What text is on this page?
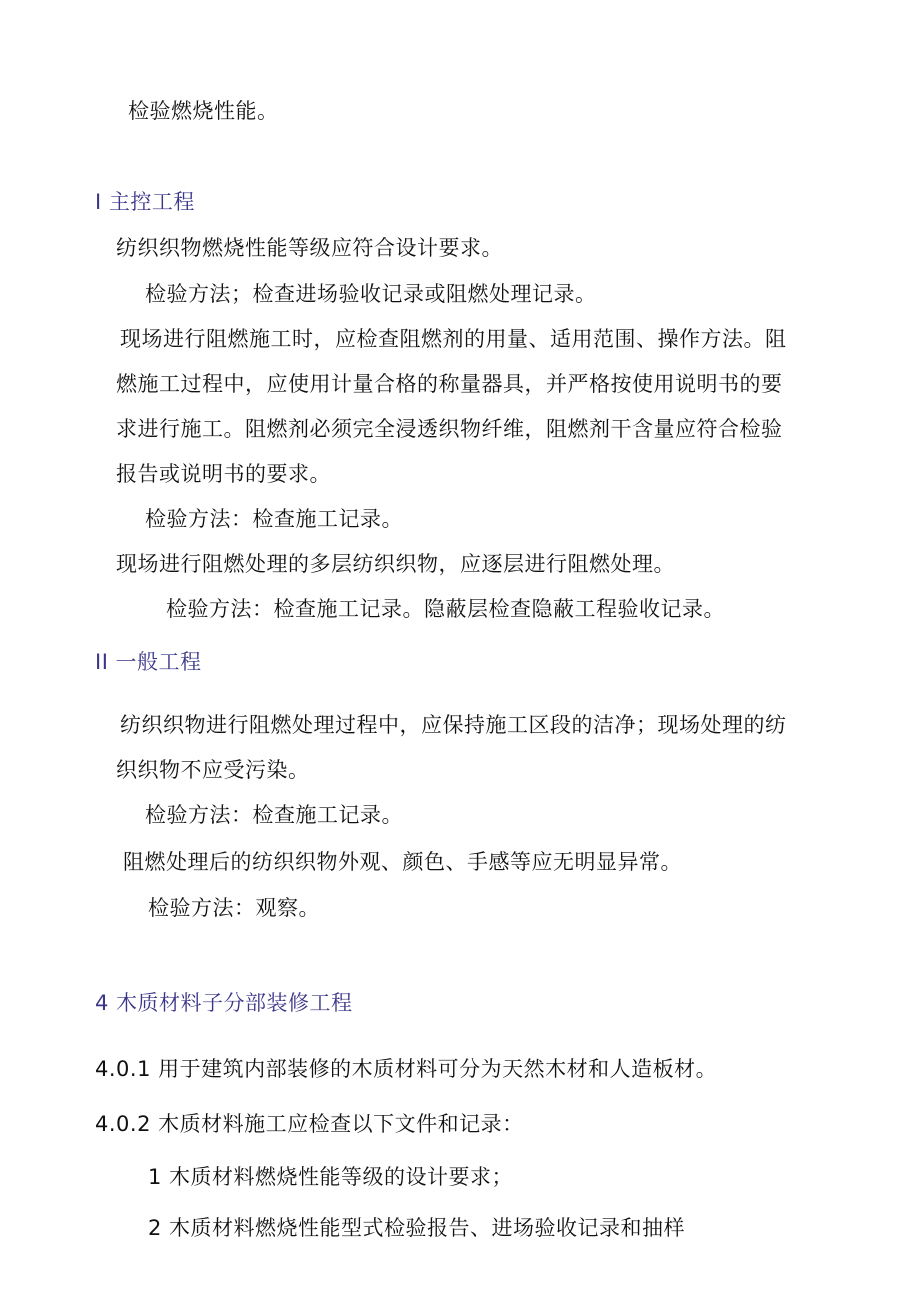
检验燃烧性能。
I 主控工程
纺织织物燃烧性能等级应符合设计要求。
检验方法；检查进场验收记录或阻燃处理记录。
现场进行阻燃施工时，应检查阻燃剂的用量、适用范围、操作方法。阻
燃施工过程中，应使用计量合格的称量器具，并严格按使用说明书的要
求进行施工。阻燃剂必须完全浸透织物纤维，阻燃剂干含量应符合检验
报告或说明书的要求。
检验方法：检查施工记录。
现场进行阻燃处理的多层纺织织物，应逐层进行阻燃处理。
检验方法：检查施工记录。隐蔽层检查隐蔽工程验收记录。
II 一般工程
纺织织物进行阻燃处理过程中，应保持施工区段的洁净；现场处理的纺
织织物不应受污染。
检验方法：检查施工记录。
阻燃处理后的纺织织物外观、颜色、手感等应无明显异常。
检验方法：观察。
4 木质材料子分部装修工程
4.0.1 用于建筑内部装修的木质材料可分为天然木材和人造板材。
4.0.2 木质材料施工应检查以下文件和记录：
1 木质材料燃烧性能等级的设计要求；
2 木质材料燃烧性能型式检验报告、进场验收记录和抽样
